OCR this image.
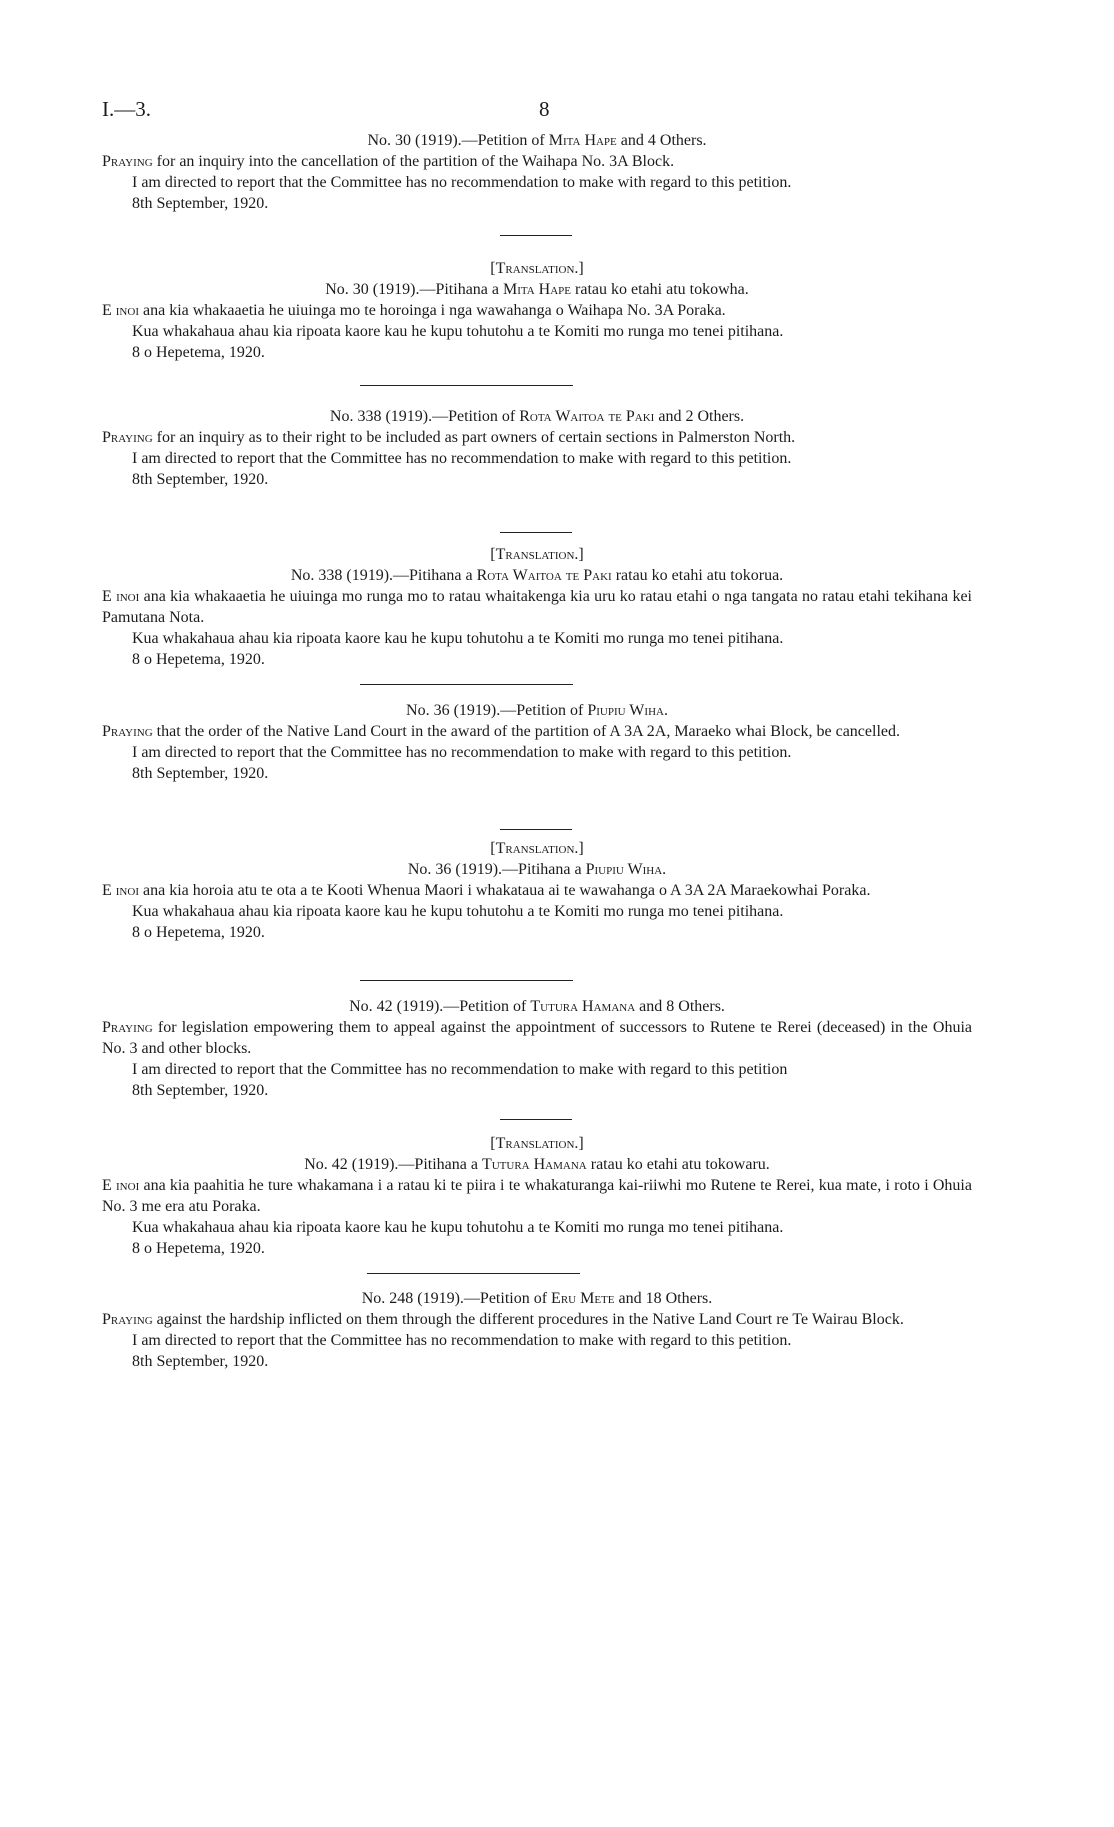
I.—3.	8

No. 30 (1919).—Petition of Mita Hape and 4 Others.

Praying for an inquiry into the cancellation of the partition of the Waihapa No. 3A Block.

I am directed to report that the Committee has no recommendation to make with regard to this petition.

8th September, 1920.

[Translation.]

No. 30 (1919).—Pitihana a Mita Hape ratau ko etahi atu tokowha.

E inoi ana kia whakaaetia he uiuinga mo te horoinga i nga wawahanga o Waihapa No. 3A Poraka.

Kua whakahaua ahau kia ripoata kaore kau he kupu tohutohu a te Komiti mo runga mo tenei pitihana.

8 o Hepetema, 1920.

No. 338 (1919).—Petition of Rota Waitoa te Paki and 2 Others.

Praying for an inquiry as to their right to be included as part owners of certain sections in Palmerston North.

I am directed to report that the Committee has no recommendation to make with regard to this petition.

8th September, 1920.

[Translation.]

No. 338 (1919).—Pitihana a Rota Waitoa te Paki ratau ko etahi atu tokorua.

E inoi ana kia whakaaetia he uiuinga mo runga mo to ratau whaitakenga kia uru ko ratau etahi o nga tangata no ratau etahi tekihana kei Pamutana Nota.

Kua whakahaua ahau kia ripoata kaore kau he kupu tohutohu a te Komiti mo runga mo tenei pitihana.

8 o Hepetema, 1920.

No. 36 (1919).—Petition of Piupiu Wiha.

Praying that the order of the Native Land Court in the award of the partition of A 3A 2A, Maraeko whai Block, be cancelled.

I am directed to report that the Committee has no recommendation to make with regard to this petition.

8th September, 1920.

[Translation.]

No. 36 (1919).—Pitihana a Piupiu Wiha.

E inoi ana kia horoia atu te ota a te Kooti Whenua Maori i whakataua ai te wawahanga o A 3A 2A Maraekowhai Poraka.

Kua whakahaua ahau kia ripoata kaore kau he kupu tohutohu a te Komiti mo runga mo tenei pitihana.

8 o Hepetema, 1920.

No. 42 (1919).—Petition of Tutura Hamana and 8 Others.

Praying for legislation empowering them to appeal against the appointment of successors to Rutene te Rerei (deceased) in the Ohuia No. 3 and other blocks.

I am directed to report that the Committee has no recommendation to make with regard to this petition

8th September, 1920.

[Translation.]

No. 42 (1919).—Pitihana a Tutura Hamana ratau ko etahi atu tokowaru.

E inoi ana kia paahitia he ture whakamana i a ratau ki te piira i te whakaturanga kai-riiwhi mo Rutene te Rerei, kua mate, i roto i Ohuia No. 3 me era atu Poraka.

Kua whakahaua ahau kia ripoata kaore kau he kupu tohutohu a te Komiti mo runga mo tenei pitihana.

8 o Hepetema, 1920.

No. 248 (1919).—Petition of Eru Mete and 18 Others.

Praying against the hardship inflicted on them through the different procedures in the Native Land Court re Te Wairau Block.

I am directed to report that the Committee has no recommendation to make with regard to this petition.

8th September, 1920.
